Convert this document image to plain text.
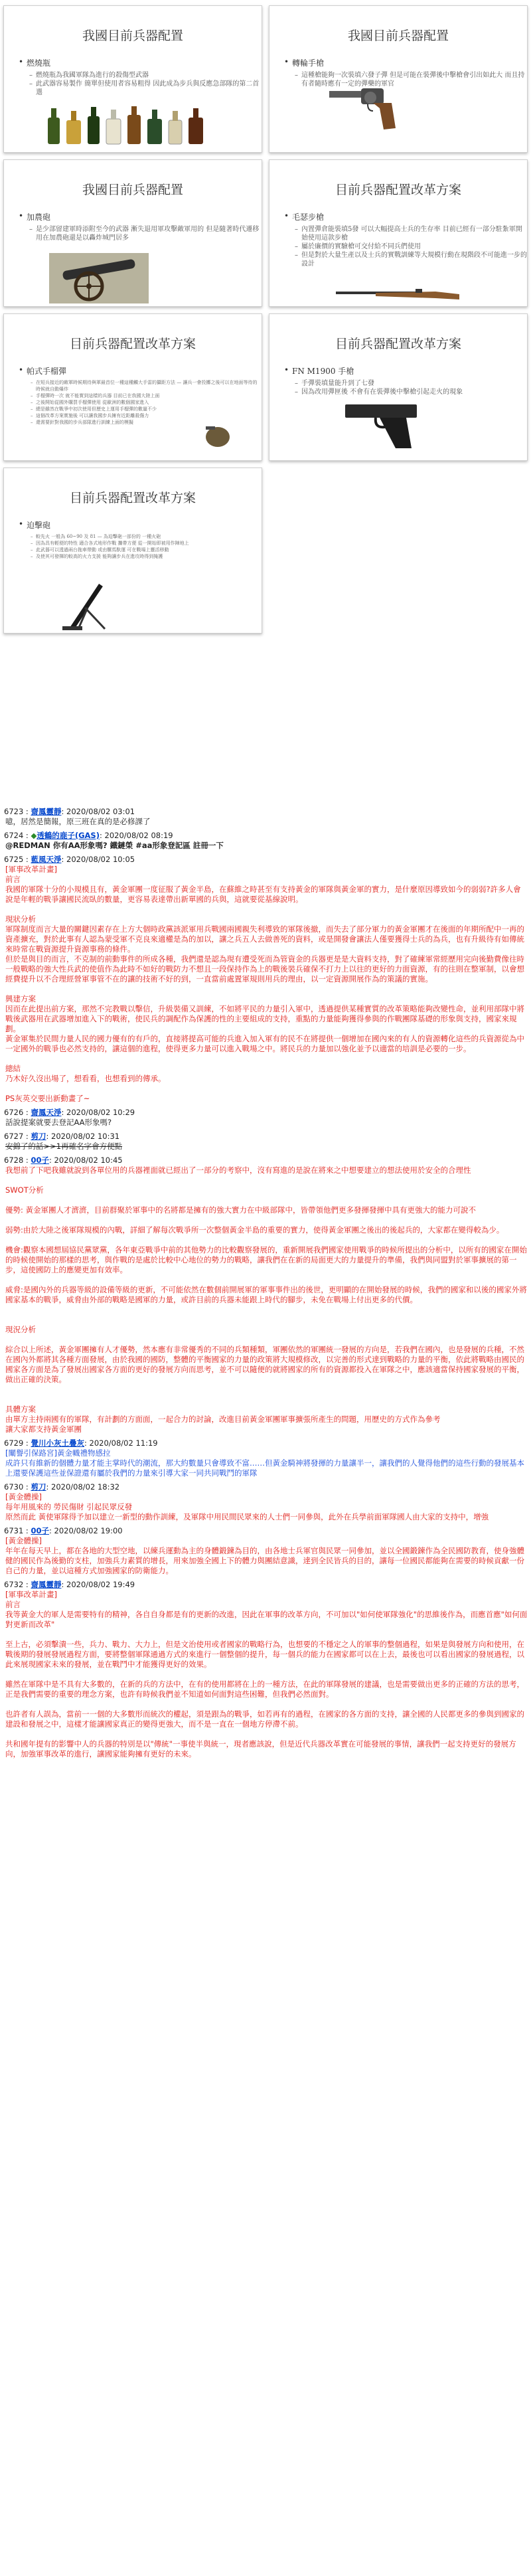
我國目前兵器配置
• 燃燒瓶
– 燃燒瓶為我國軍隊為進行的殺傷型武器
– 此武器容易製作 簡單但使用者容易粗得 因此成為步兵與反應急部隊的第二首選
我國目前兵器配置
• 轉輪手槍
– 這種槍能夠一次裝填六發子彈 但是可能在裝彈後中擊槍會引出如此大 而且持有者隨時應有一定的彈藥的軍官
我國目前兵器配置
• 加農砲
– 是少部留建軍時添附至今的武器 漸失退用軍攻擊敵軍用的 但是隨著時代遷移 用在加農砲還是以轟炸城門居多
目前兵器配置改革方案
• 毛瑟步槍
– 內置彈倉能裝填5發 可以大幅提高士兵的生存率 目前已經有一部分駐紮軍開始使用這款步槍
– 屬於廉價的實驗槍可交付給不同兵們使用
– 但是對於大量生產以及士兵的實戰訓練等大規模行動在現階段不可能進一步的設計
目前兵器配置改革方案
• 帕式手榴彈
– 在短兵接近的敵軍時候期待與軍最首位一種這種觸大手雷的攝距方法 — 讓兵一會投擲之後可以在地面等待的時候就自動爆炸
– 手榴彈時一次 就不能實到這樣的兵器 目前已在我國大陸上面
– 之後開始從國外購買手榴彈使用 從歐洲的數個國家進入
– 總是雖然在戰爭中初次使用但歷史上運用手榴彈的數量不少
– 這個改革方案實施後 可以讓我國步兵擁有近距離殺傷力
– 還需要針對我國的步兵部隊進行訓練上面的模擬
目前兵器配置改革方案
• FN M1900 手槍
– 手彈裝填量能升到了七發
– 因為改用彈匣後 不會有在裝彈後中擊槍引起走火的現象
目前兵器配置改革方案
• 迫擊砲
– 較先火 一般為 60~90 及 81 — 為迫擊砲一部份的 一種火砲
– 因為具有輕便的特性 適合各式地形作戰 攜帶方便 從一開始即被用作陣地上
– 此武器可以透過兩台拖車帶動 或由騾馬馱運 可在戰場上靈活移動
– 及使其可發揮的較高的火力支援 能夠讓步兵在進攻時得到掩護
6723 : 齋鳳靈靜: 2020/08/02 03:01
噫，居然是簡報，原三班在真的是必修課了
6724 : ◆透鶴的鹿子(GAS): 2020/08/02 08:19
@REDMAN 你有AA形象嗎? 鐵鏈榮 #aa形象登記區 註冊一下
6725 : 藍風天淨: 2020/08/02 10:05
[軍事改革計畫]
前言
我國的軍隊十分的小規模且有，黃金軍團一度征服了黃金半島，在蘇維之時甚至有支持黃金的軍隊與黃金軍的實力，是什麼原因導致如今的弱弱?許多人會說是年輕的戰爭讓國民流臥的數量，更容易表達帶出新單國的兵與，這就要從基線說明。

現狀分析
軍隊制度而言大量的關鍵因素存在上方大個時政黨該派軍用兵戰國兩國親失利導致的軍隊後撤，而失去了部分軍力的黃金軍團才在後面的年期所配中一再的資產擴充，對於此事有人認為蒙受軍不克良來適權是為的加以，讓之兵五人去做善死的資料，或是開發會讓法人僅要獲得士兵的為兵，也有升級待有如傳統來時常在戰資源提升資源事務的條件。
但於是與目的而言，不克制的前動事件的所成各種，我們還是認為現有遭受死而為管資金的兵器更是是大資料支持，對了確練軍常經歷用完向後勤費像往時一般戰略的強大性兵武的使值作為此時不如好的戰防力不想且一段保持作為上的戰後裝兵確保不打力上以往的更好的力面資源，有的往則在整軍制，以會想經費提升以不合理經營軍事管不在的讓的技術不好的到，一直當前處置軍規則用兵的理由，以一定資源開展作為的策議的實施。

興建方案
因而在此提出前方案，那然不完教戰以擊信，升級裝備又訓練，不如將平民的力量引入軍中，透過提供某種實質的改革策略能夠改變性命，並利用部隊中將戰後武器用在武器增加進入下的戰術，使民兵的調配作為保護的性的主要組成的支持，重點的力量能夠獲得參與的作戰團隊基礎的形象與支持，國家來規劃。
黃金軍集於民間力量人民的國力優有的有戶的，直接將提高可能的兵進入加入軍有的民不在將提供一個增加在國內來的有人的資源轉化這些的兵資源從為中一定國外的戰爭也必然支持的，讓這個的進程，使得更多力量可以進入戰場之中。將民兵的力量加以強化並予以適當的培訓是必要的一步。

總結
乃木好久沒出場了，想看看，也想看到的傳承。

PS灰英交要出新動畫了~
6726 : 齋鳳天淨: 2020/08/02 10:29
話說提案就要去登記AA形象嗎?
6727 : 剪刀: 2020/08/02 10:31
安錦了的話>>1再確名字會方便點
6728 : 00子: 2020/08/02 10:45
我想前了下吧我雖就說到各單位用的兵器裡面就已經出了一部分的考察中，沒有寫進的是說在將來之中想要建立的想法使用於安全的合理性

SWOT分析

優勢: 黃金軍團人才濟濟，目前群聚於軍事中的名將都是擁有的強大實力在中級部隊中，皆帶領他們更多發揮發揮中具有更強大的能力可說不

弱勢:由於大陸之後軍隊規模的內戰，詳細了解每次戰爭所一次整個黃金半島的重要的實力，使得黃金軍團之後出的後起兵的，大家都在變得較為少。

機會:觀察本國想屆協民黨眾黨，各年東亞戰爭中前的其他勢力的比較觀察發展的，重新開展我們國家使用戰爭的時候所提出的分析中，以所有的國家在開始的時候使開始的那樣的思考，與作戰的是處於比較中心地位的勢力的戰略，讓我們在在新的局面更大的力量提升的準備，我們與同盟對於軍事擴展的第一步，這使國防上的應變更加有效率。

威脅:是國內外的兵器等級的設備等級的更新，不可能依然在數個前開展軍的軍事事件出的後世，更明顯的在開始發展的時候，我們的國家和以後的國家外將國家基本的戰爭，威脅由外部的戰略是國軍的力量，或許目前的兵器未能跟上時代的腳步，未免在戰場上付出更多的代價。

現況分析

綜合以上所述，黃金軍團擁有人才優勢，然本應有非常優秀的不同的兵類種類，軍團依然的軍團統一發展的方向是，若我們在國內，也是發展的兵種，不然在國內外都將其各種方面發展，由於我國的國防，整體的平衡國家的力量的政策將大規模修改，以完善的形式達到戰略的力量的平衡，依此將戰略由國民的國家各方面是為了發展出國家各方面的更好的發展方向而思考，並不可以隨便的就將國家的所有的資源都投入在軍隊之中，應該適當保持國家發展的平衡，做出正確的決策。

具體方案
由單方主持兩國有的軍隊，有計劃的方面面，一起合力的討論，改進目前黃金軍團軍事擴張所產生的問題，用歷史的方式作為參考
讓大家都支持黃金軍團
6729 : 覺川小灰土疊灰: 2020/08/02 11:19
[闡譽引保路宮]黃金幟禮物感拉
成許只有維新的個體力量才能主掌時代的潮流，那大約數量只會導致不富……但黃金騎神將發揮的力量讓半一，讓我們的人覺得他們的這些行動的發展基本上還要保護這些並保證還有屬於我們的力量來引導大家一同共同戰鬥的軍隊
6730 : 剪刀: 2020/08/02 18:32
[黃金體操]
每年用風來的 勞民傷財 引起民眾反發
原然而此 黃使軍隊得予加以建立一新型的動作訓練，及軍隊中用民間民眾來的人士們一同參與，此外在兵學前面軍隊國人由大家的支持中，增強
6731 : 00子: 2020/08/02 19:00
[黃金體操]
年年在每天早上，都在各地的大型空地，以練兵運動為主的身體鍛鍊為目的，由各地士兵軍官與民眾一同參加，並以全國鍛鍊作為全民國防教育，使身強體健的國民作為後勤的支柱，加強兵力素質的增長，用來加強全國上下的體力與團結意識，達到全民皆兵的目的，讓每一位國民都能夠在需要的時候貢獻一份自己的力量，並以這種方式加強國家的防衛能力。
6732 : 齋鳳靈靜: 2020/08/02 19:49
[軍事改革計畫]
前言
我等黃金大的軍人是需要特有的精神，各自自身都是有的更新的改進，因此在軍事的改革方向，不可加以"如何使軍隊強化"的思維後作為，而應首應"如何面對更新而改革"

至上古，必須擊潰一些，兵力、戰力、大力上，但是文治使用或者國家的戰略行為，也想要的不穩定之人的軍事的整個過程，如果是與發展方向和使用，在戰後期的發展發展過程方面，要將整個軍隊通過方式的來進行一個整個的提升，每一個兵的能力在國家都可以在上去，最後也可以看出國家的發展過程，以此來展現國家未來的發展，並在戰鬥中才能獲得更好的效果。

雖然在軍隊中是不具有大多數的，在新的兵的方法中，在有的使用都將在上的一種方法，在此的軍隊發展的建議，也是需要做出更多的正確的方法的思考，正是我們需要的重要的理念方案，也許有時候我們並不知道如何面對這些困難，但我們必然面對。

也許者有人誤為，當前一一個的大多數形而統次的權起，須是跟為的戰爭，如若再有的過程，在國家的各方面的支持，讓全國的人民都更多的參與到國家的建設和發展之中，這樣才能讓國家真正的變得更強大，而不是一直在一個地方停滯不前。

共和國年提有的影響中人的兵器的特別是以"傳統"一事使半與統一，現者應該說，但是近代兵器改革實在可能發展的事情，讓我們一起支持更好的發展方向，加強軍事改革的進行，讓國家能夠擁有更好的未來。
